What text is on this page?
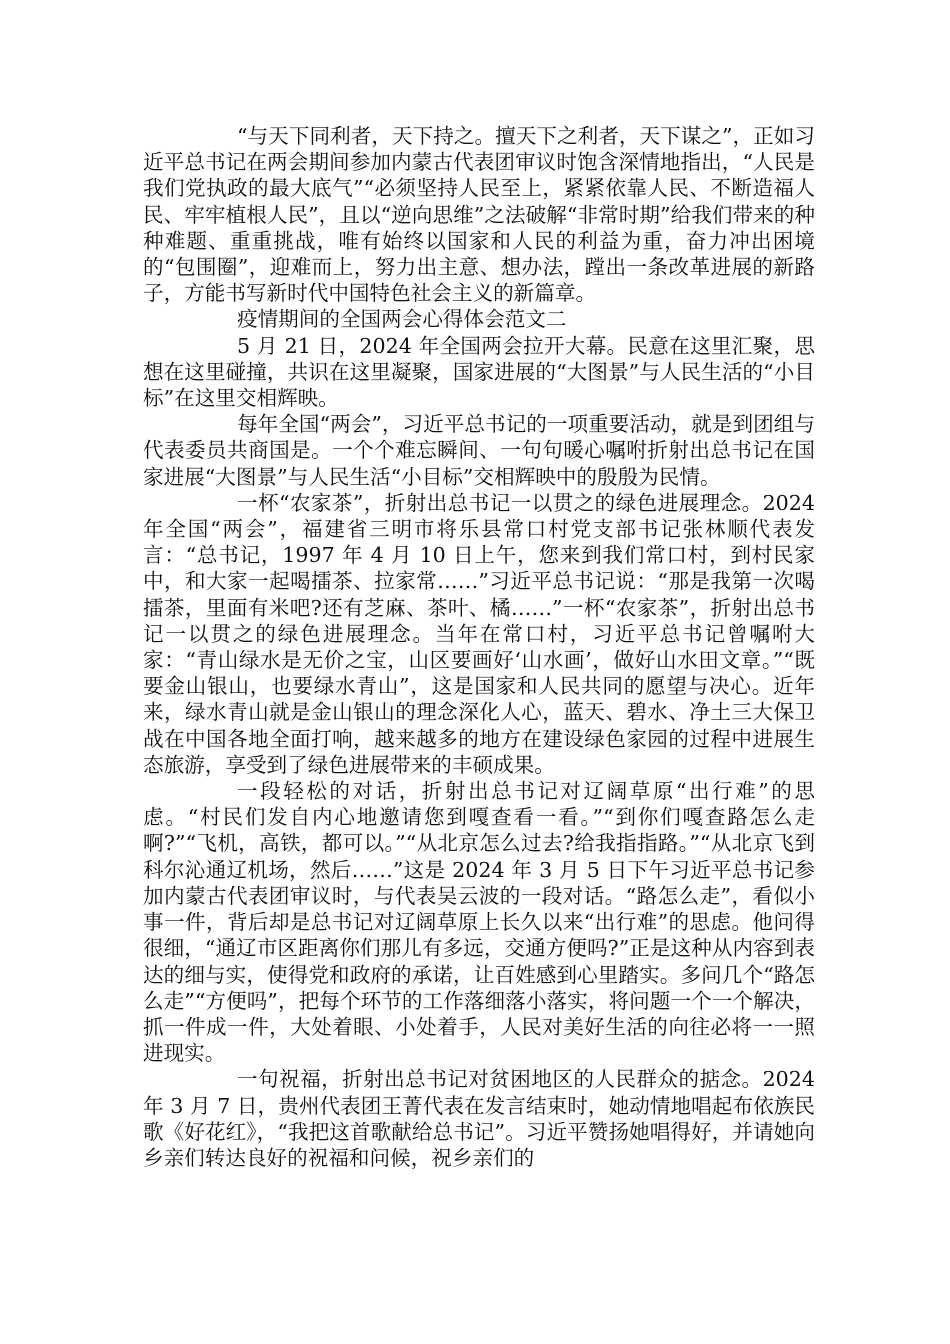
“与天下同利者，天下持之。擅天下之利者，天下谋之”，正如习近平总书记在两会期间参加内蒙古代表团审议时饱含深情地指出，“人民是我们党执政的最大底气”“必须坚持人民至上，紧紧依靠人民、不断造福人民、牢牢植根人民”，且以“逆向思维”之法破解“非常时期”给我们带来的种种难题、重重挑战，唯有始终以国家和人民的利益为重，奋力冲出困境的“包围圈”，迎难而上，努力出主意、想办法，蹚出一条改革进展的新路子，方能书写新时代中国特色社会主义的新篇章。

疫情期间的全国两会心得体会范文二

5 月 21 日，2024 年全国两会拉开大幕。民意在这里汇聚，思想在这里碰撞，共识在这里凝聚，国家进展的“大图景”与人民生活的“小目标”在这里交相辉映。

每年全国“两会”，习近平总书记的一项重要活动，就是到团组与代表委员共商国是。一个个难忘瞬间、一句句暖心嘱咐折射出总书记在国家进展“大图景”与人民生活“小目标”交相辉映中的殷殷为民情。

一杯“农家茶”，折射出总书记一以贯之的绿色进展理念。2024 年全国“两会”，福建省三明市将乐县常口村党支部书记张林顺代表发言：“总书记，1997 年 4 月 10 日上午，您来到我们常口村，到村民家中，和大家一起喝擂茶、拉家常……”习近平总书记说：“那是我第一次喝擂茶，里面有米吧?还有芝麻、茶叶、橘……”一杯“农家茶”，折射出总书记一以贯之的绿色进展理念。当年在常口村，习近平总书记曾嘱咐大家：“青山绿水是无价之宝，山区要画好‘山水画’，做好山水田文章。”“既要金山银山，也要绿水青山”，这是国家和人民共同的愿望与决心。近年来，绿水青山就是金山银山的理念深化人心，蓝天、碧水、净土三大保卫战在中国各地全面打响，越来越多的地方在建设绿色家园的过程中进展生态旅游，享受到了绿色进展带来的丰硕成果。

一段轻松的对话，折射出总书记对辽阔草原“出行难”的思虑。“村民们发自内心地邀请您到嘎查看一看。”“到你们嘎查路怎么走啊?”“飞机，高铁，都可以。”“从北京怎么过去?给我指指路。”“从北京飞到科尔沁通辽机场，然后……”这是 2024 年 3 月 5 日下午习近平总书记参加内蒙古代表团审议时，与代表吴云波的一段对话。“路怎么走”，看似小事一件，背后却是总书记对辽阔草原上长久以来“出行难”的思虑。他问得很细，“通辽市区距离你们那儿有多远，交通方便吗?”正是这种从内容到表达的细与实，使得党和政府的承诺，让百姓感到心里踏实。多问几个“路怎么走”“方便吗”，把每个环节的工作落细落小落实，将问题一个一个解决，抓一件成一件，大处着眼、小处着手，人民对美好生活的向往必将一一照进现实。

一句祝福，折射出总书记对贫困地区的人民群众的掂念。2024 年 3 月 7 日，贵州代表团王菁代表在发言结束时，她动情地唱起布依族民歌《好花红》，“我把这首歌献给总书记”。习近平赞扬她唱得好，并请她向乡亲们转达良好的祝福和问候，祝乡亲们的
